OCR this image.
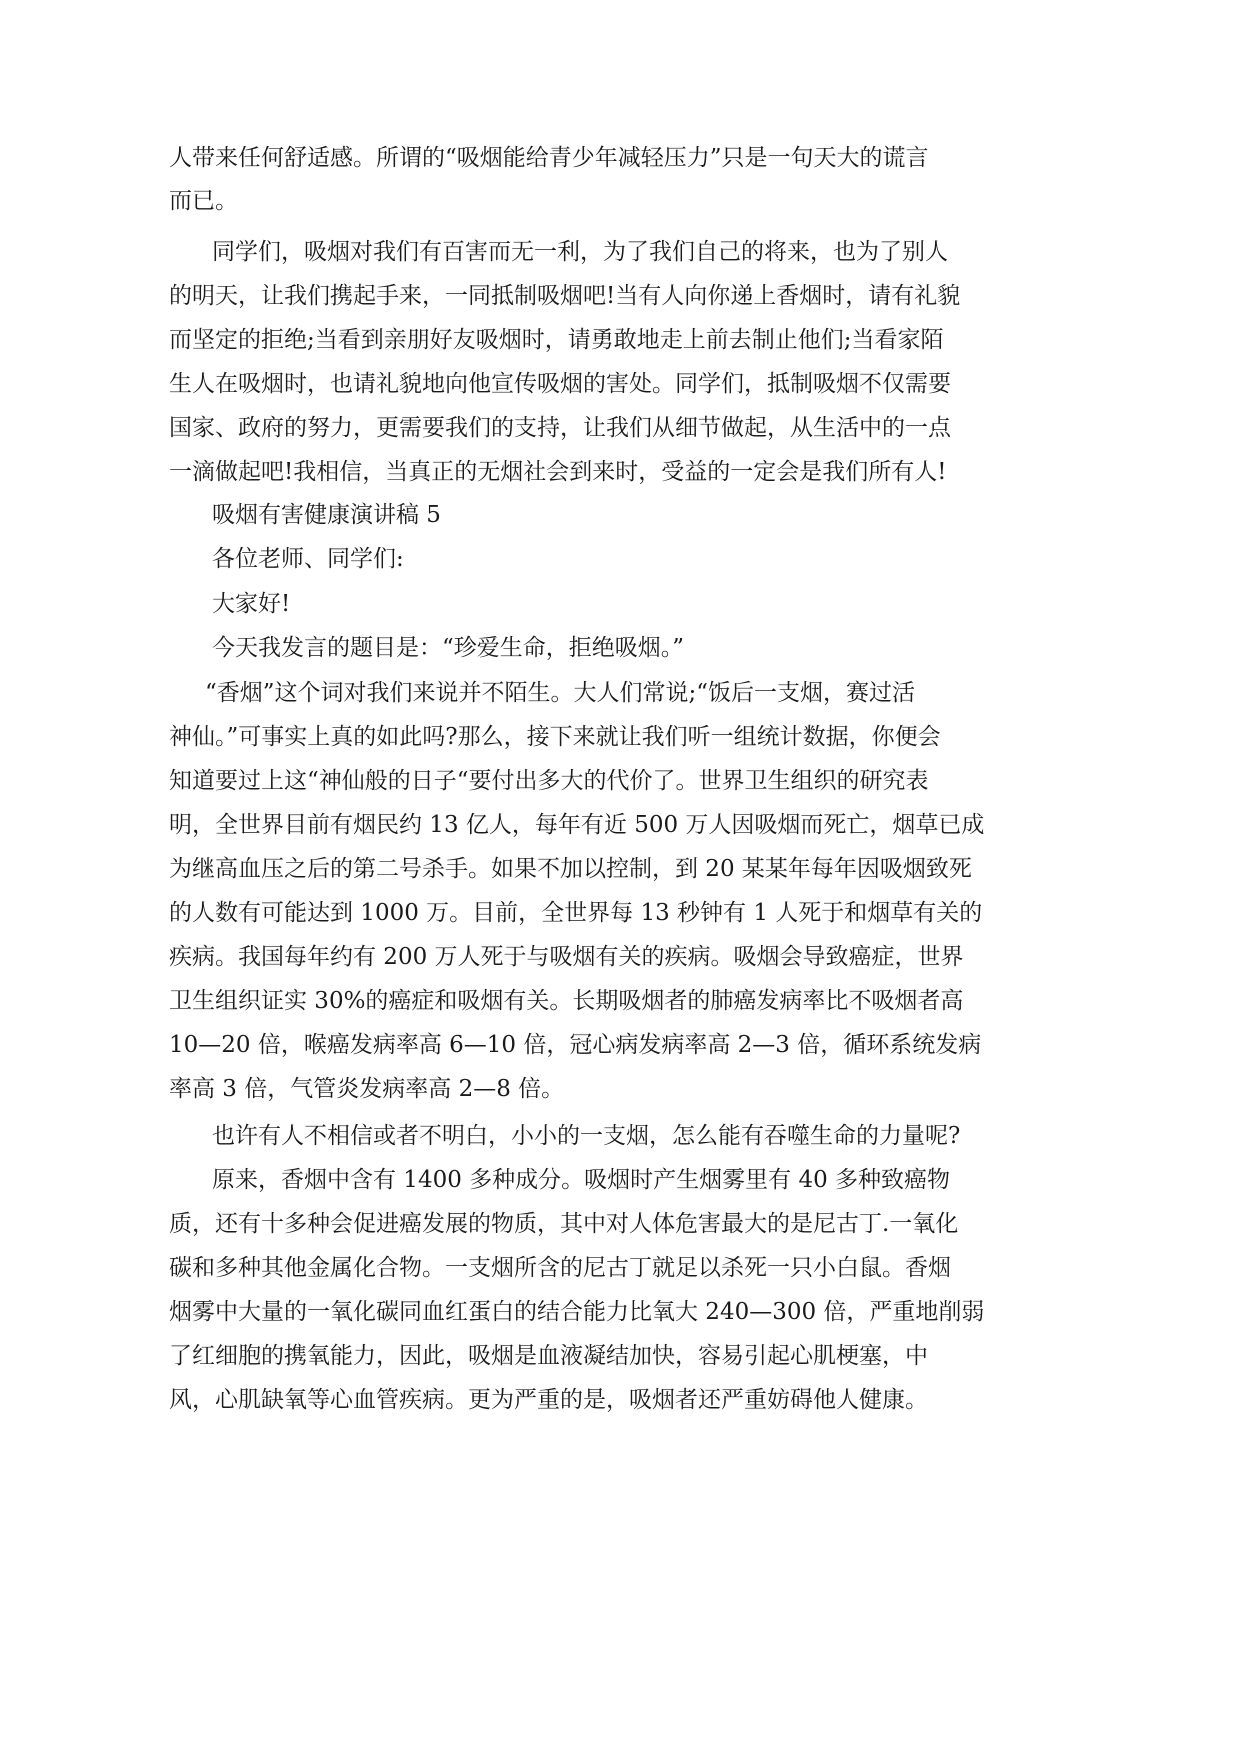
人带来任何舒适感。所谓的“吸烟能给青少年减轻压力”只是一句天大的谎言
而已。
同学们，吸烟对我们有百害而无一利，为了我们自己的将来，也为了别人
的明天，让我们携起手来，一同抵制吸烟吧!当有人向你递上香烟时，请有礼貌
而坚定的拒绝;当看到亲朋好友吸烟时，请勇敢地走上前去制止他们;当看家陌
生人在吸烟时，也请礼貌地向他宣传吸烟的害处。同学们，抵制吸烟不仅需要
国家、政府的努力，更需要我们的支持，让我们从细节做起，从生活中的一点
一滴做起吧!我相信，当真正的无烟社会到来时，受益的一定会是我们所有人!
吸烟有害健康演讲稿 5
各位老师、同学们:
大家好!
今天我发言的题目是：“珍爱生命，拒绝吸烟。”
“香烟”这个词对我们来说并不陌生。大人们常说;“饭后一支烟，赛过活
神仙。”可事实上真的如此吗?那么，接下来就让我们听一组统计数据，你便会
知道要过上这“神仙般的日子“要付出多大的代价了。世界卫生组织的研究表
明，全世界目前有烟民约 13 亿人，每年有近 500 万人因吸烟而死亡，烟草已成
为继高血压之后的第二号杀手。如果不加以控制，到 20 某某年每年因吸烟致死
的人数有可能达到 1000 万。目前，全世界每 13 秒钟有 1 人死于和烟草有关的
疾病。我国每年约有 200 万人死于与吸烟有关的疾病。吸烟会导致癌症，世界
卫生组织证实 30%的癌症和吸烟有关。长期吸烟者的肺癌发病率比不吸烟者高
10—20 倍，喉癌发病率高 6—10 倍，冠心病发病率高 2—3 倍，循环系统发病
率高 3 倍，气管炎发病率高 2—8 倍。
也许有人不相信或者不明白，小小的一支烟，怎么能有吞噬生命的力量呢?
原来，香烟中含有 1400 多种成分。吸烟时产生烟雾里有 40 多种致癌物
质，还有十多种会促进癌发展的物质，其中对人体危害最大的是尼古丁.一氧化
碳和多种其他金属化合物。一支烟所含的尼古丁就足以杀死一只小白鼠。香烟
烟雾中大量的一氧化碳同血红蛋白的结合能力比氧大 240—300 倍，严重地削弱
了红细胞的携氧能力，因此，吸烟是血液凝结加快，容易引起心肌梗塞，中
风，心肌缺氧等心血管疾病。更为严重的是，吸烟者还严重妨碍他人健康。
